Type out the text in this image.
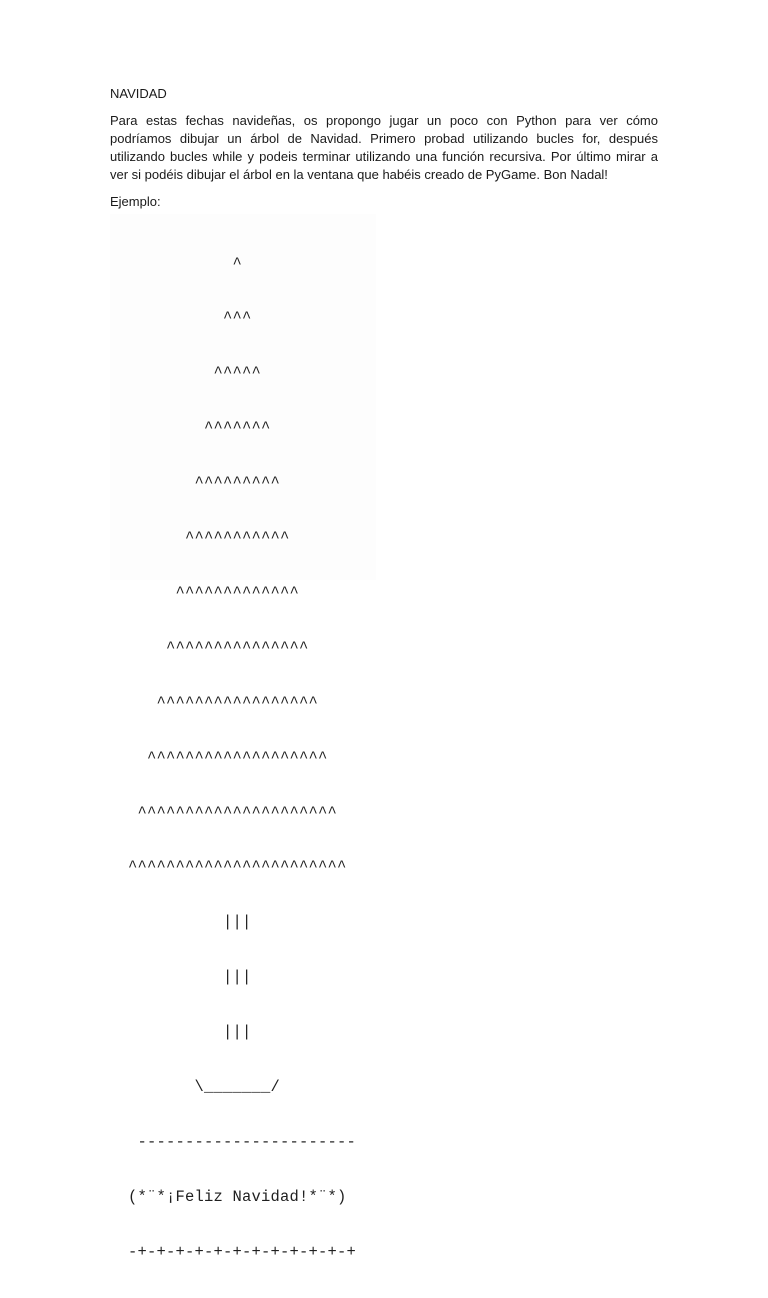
NAVIDAD
Para estas fechas navideñas, os propongo jugar un poco con Python para ver cómo podríamos dibujar un árbol de Navidad. Primero probad utilizando bucles for, después utilizando bucles while y podeis terminar utilizando una función recursiva. Por último mirar a ver si podéis dibujar el árbol en la ventana que habéis creado de PyGame. Bon Nadal!
Ejemplo:

^

^^^

^^^^^

^^^^^^^

^^^^^^^^^

^^^^^^^^^^^

^^^^^^^^^^^^^

^^^^^^^^^^^^^^^

^^^^^^^^^^^^^^^^^

^^^^^^^^^^^^^^^^^^^

^^^^^^^^^^^^^^^^^^^^^

^^^^^^^^^^^^^^^^^^^^^^^

|||

|||

|||

\_______/

-----------------------

(*¨*¡Feliz Navidad!*¨*)

-+-+-+-+-+-+-+-+-+-+-+-+
